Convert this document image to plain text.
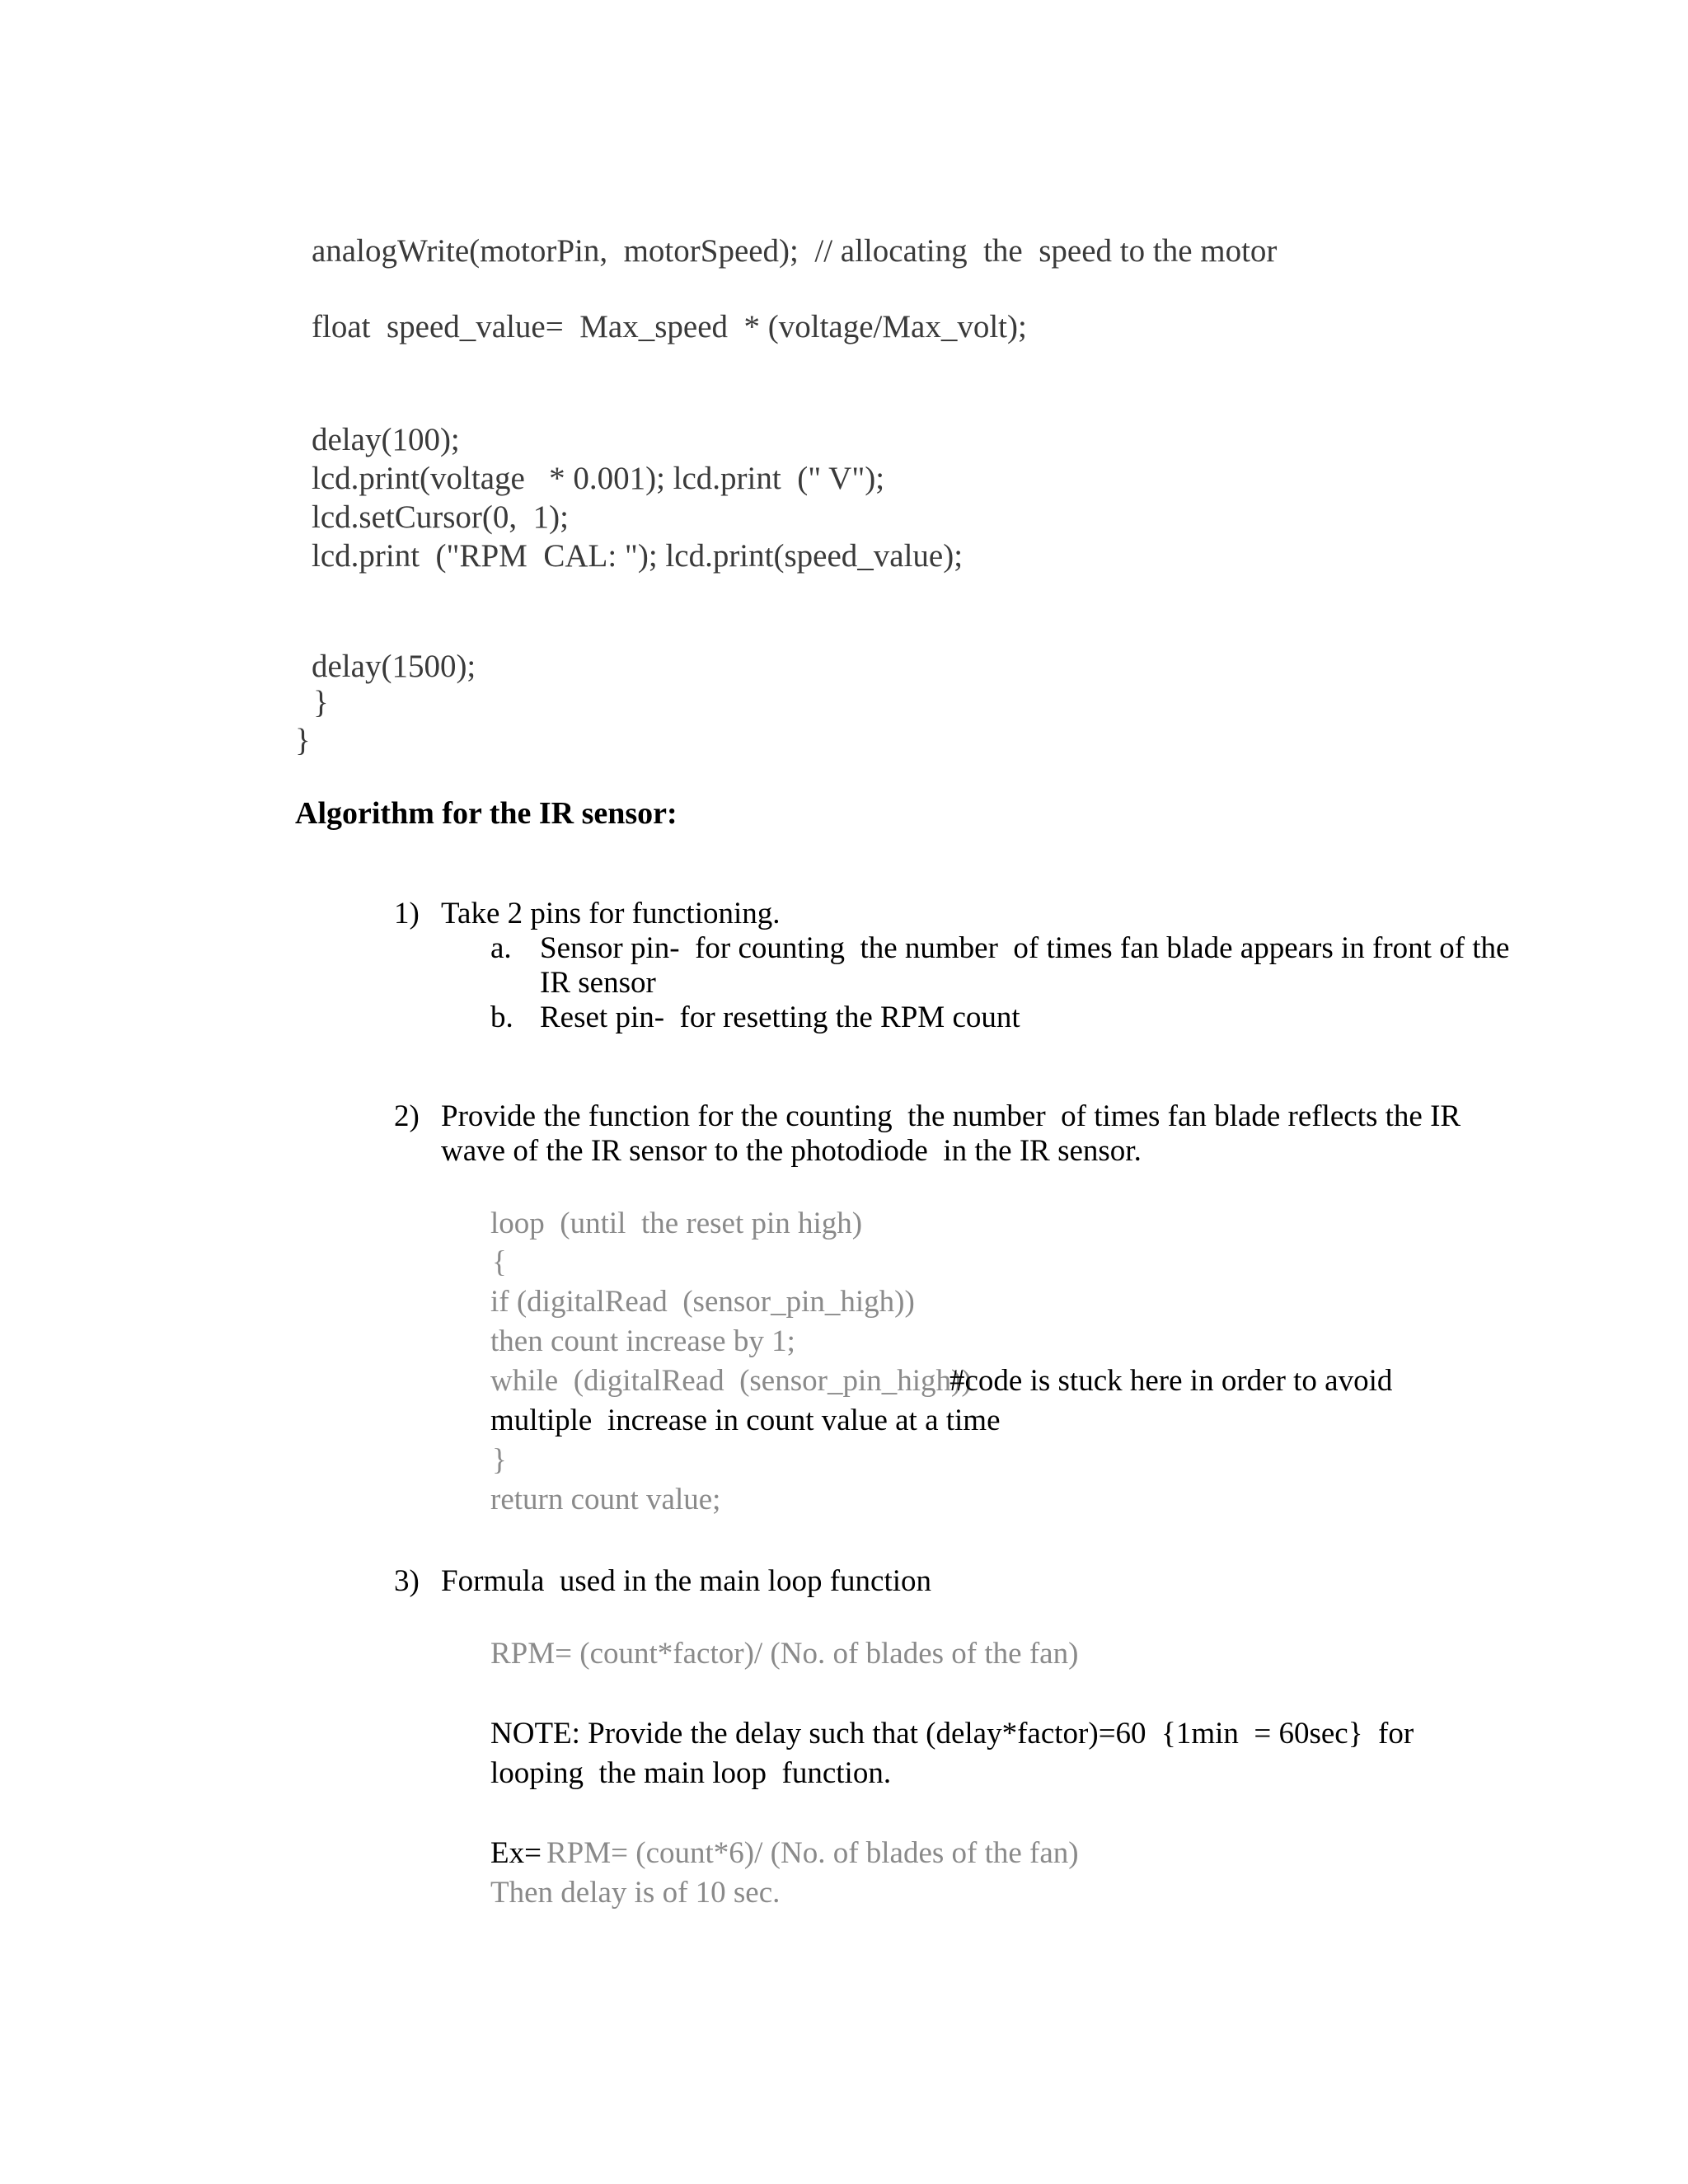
analogWrite(motorPin,  motorSpeed);  // allocating  the  speed to the motor
float  speed_value=  Max_speed  * (voltage/Max_volt);
delay(100);
lcd.print(voltage   * 0.001); lcd.print  (" V");
lcd.setCursor(0,  1);
lcd.print  ("RPM  CAL: "); lcd.print(speed_value);
delay(1500);
}
}
Algorithm for the IR sensor:
1) Take 2 pins for functioning.
a. Sensor pin-  for counting  the number  of times fan blade appears in front of the
IR sensor
b. Reset pin-  for resetting the RPM count
2) Provide the function for the counting  the number  of times fan blade reflects the IR
wave of the IR sensor to the photodiode  in the IR sensor.
loop  (until  the reset pin high)
{
if (digitalRead  (sensor_pin_high))
then count increase by 1;
while  (digitalRead  (sensor_pin_high))
#code is stuck here in order to avoid
multiple  increase in count value at a time
}
return count value;
3) Formula  used in the main loop function
RPM= (count*factor)/ (No. of blades of the fan)
NOTE: Provide the delay such that (delay*factor)=60  {1min  = 60sec}  for
looping  the main loop  function.
Ex= RPM= (count*6)/ (No. of blades of the fan)
Then delay is of 10 sec.
